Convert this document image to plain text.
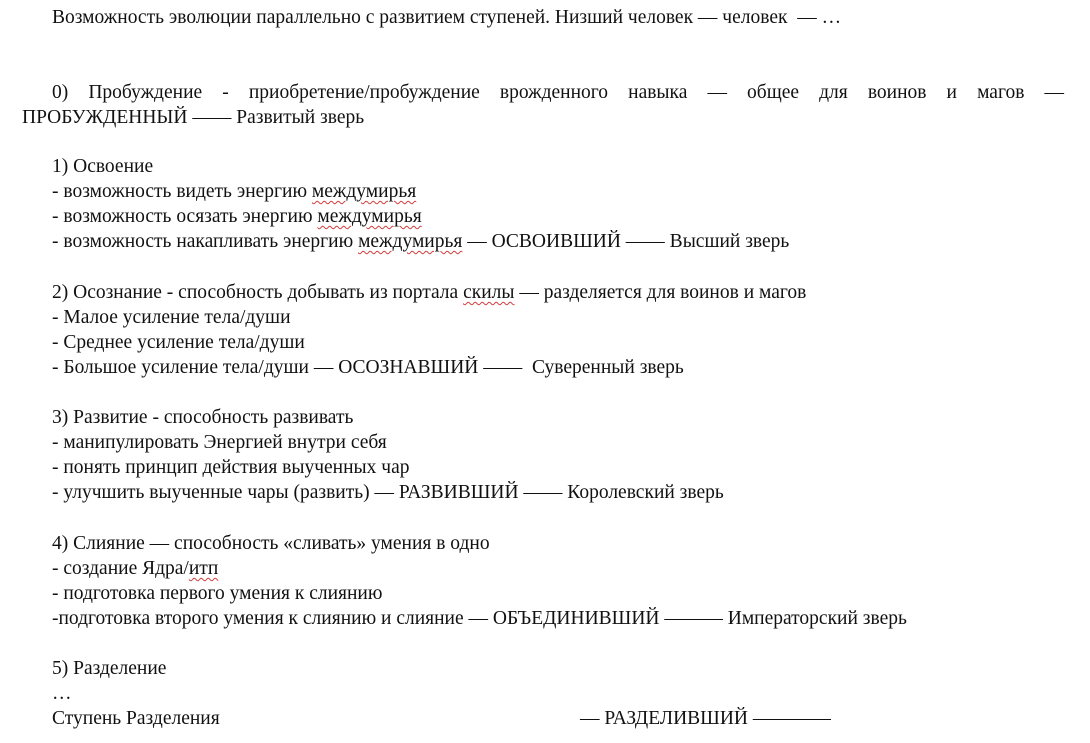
Возможность эволюции параллельно с развитием ступеней. Низший человек — человек  — …
0) Пробуждение - приобретение/пробуждение врожденного навыка — общее для воинов и магов —
ПРОБУЖДЕННЫЙ —— Развитый зверь
1) Освоение
- возможность видеть энергию междумирья
- возможность осязать энергию междумирья
- возможность накапливать энергию междумирья — ОСВОИВШИЙ —— Высший зверь
2) Осознание - способность добывать из портала скилы — разделяется для воинов и магов
- Малое усиление тела/души
- Среднее усиление тела/души
- Большое усиление тела/души — ОСОЗНАВШИЙ ——  Суверенный зверь
3) Развитие - способность развивать
- манипулировать Энергией внутри себя
- понять принцип действия выученных чар
- улучшить выученные чары (развить) — РАЗВИВШИЙ —— Королевский зверь
4) Слияние — способность «сливать» умения в одно
- создание Ядра/итп
- подготовка первого умения к слиянию
-подготовка второго умения к слиянию и слияние — ОБЪЕДИНИВШИЙ ——— Императорский зверь
5) Разделение
…
Ступень Разделения	— РАЗДЕЛИВШИЙ ————
